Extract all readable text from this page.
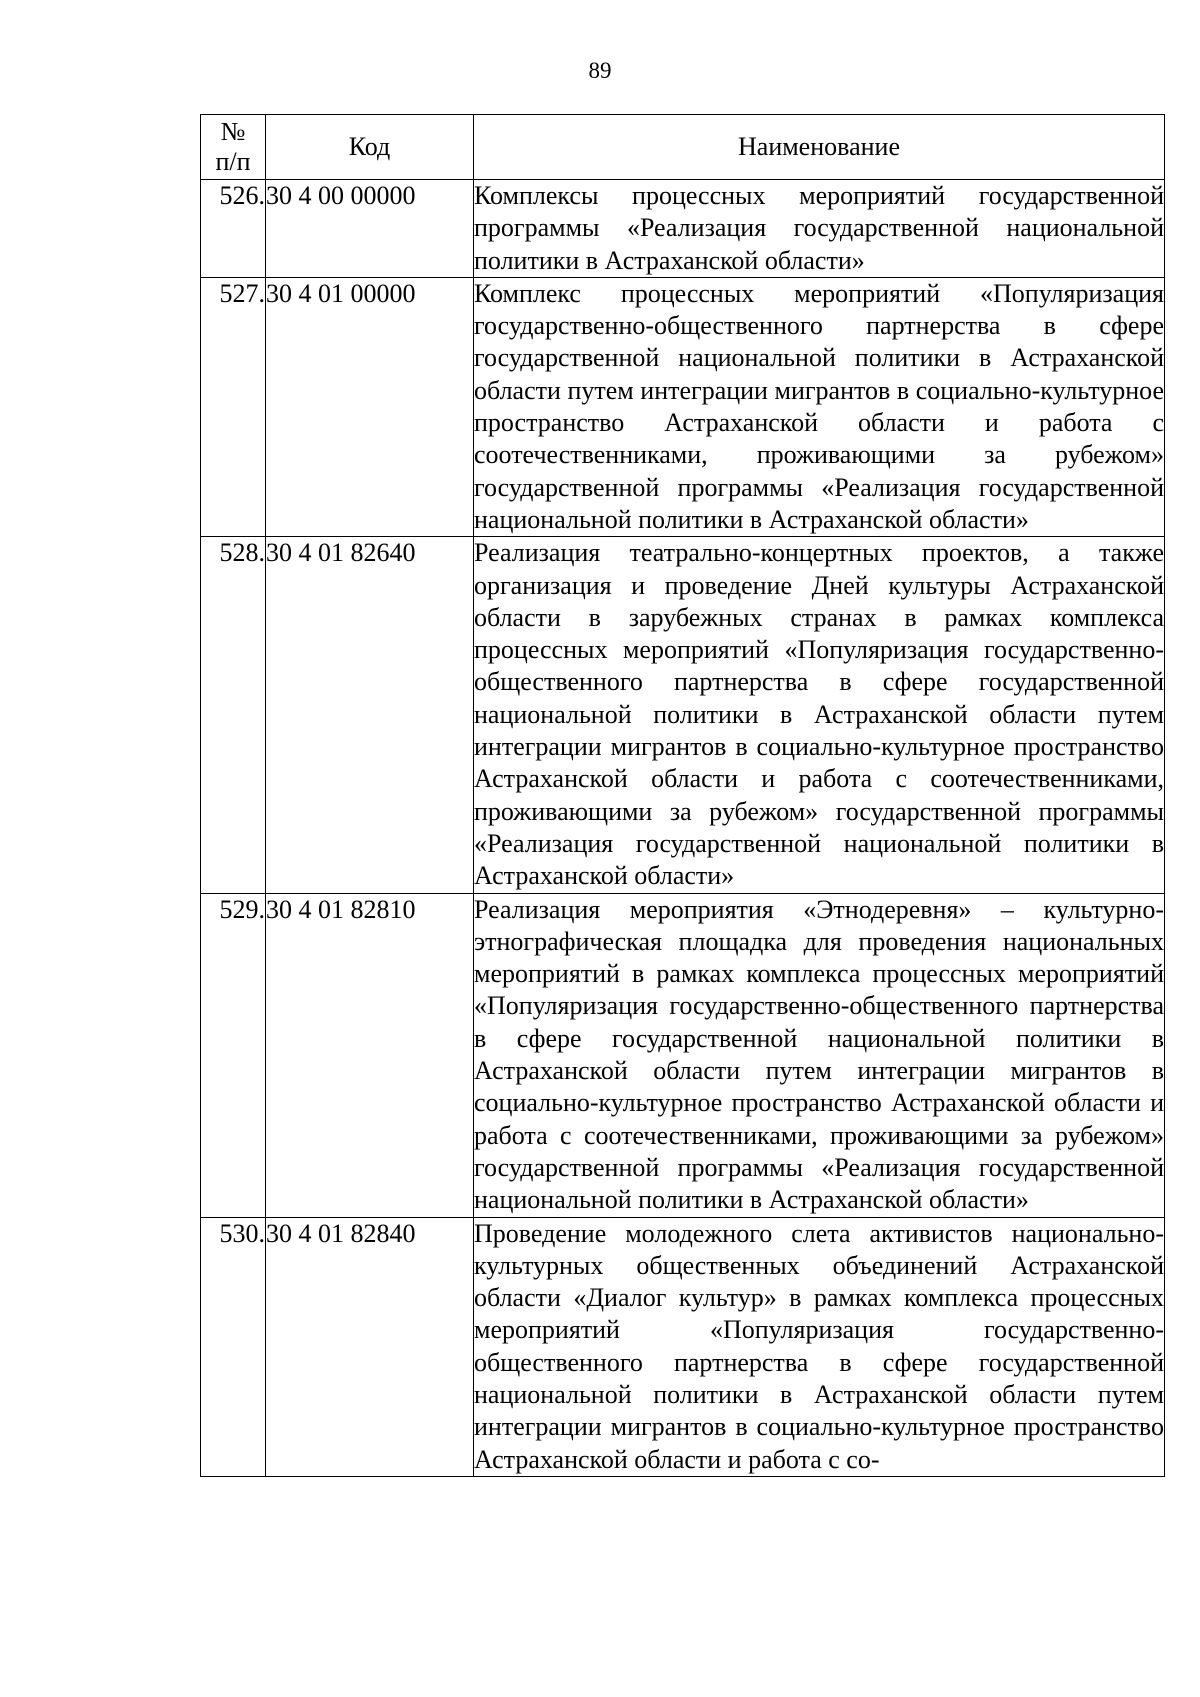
89
№
п/п	Код	Наименование
526.	30 4 00 00000	Комплексы процессных мероприятий государственной программы «Реализация государственной национальной политики в Астраханской области»
527.	30 4 01 00000	Комплекс процессных мероприятий «Популяризация государственно-общественного партнерства в сфере государственной национальной политики в Астраханской области путем интеграции мигрантов в социально-культурное пространство Астраханской области и работа с соотечественниками, проживающими за рубежом» государственной программы «Реализация государственной национальной политики в Астраханской области»
528.	30 4 01 82640	Реализация театрально-концертных проектов, а также организация и проведение Дней культуры Астраханской области в зарубежных странах в рамках комплекса процессных мероприятий «Популяризация государственно-общественного партнерства в сфере государственной национальной политики в Астраханской области путем интеграции мигрантов в социально-культурное пространство Астраханской области и работа с соотечественниками, проживающими за рубежом» государственной программы «Реализация государственной национальной политики в Астраханской области»
529.	30 4 01 82810	Реализация мероприятия «Этнодеревня» – культурно-этнографическая площадка для проведения национальных мероприятий в рамках комплекса процессных мероприятий «Популяризация государственно-общественного партнерства в сфере государственной национальной политики в Астраханской области путем интеграции мигрантов в социально-культурное пространство Астраханской области и работа с соотечественниками, проживающими за рубежом» государственной программы «Реализация государственной национальной политики в Астраханской области»
530.	30 4 01 82840	Проведение молодежного слета активистов национально-культурных общественных объединений Астраханской области «Диалог культур» в рамках комплекса процессных мероприятий «Популяризация государственно-общественного партнерства в сфере государственной национальной политики в Астраханской области путем интеграции мигрантов в социально-культурное пространство Астраханской области и работа с со-
